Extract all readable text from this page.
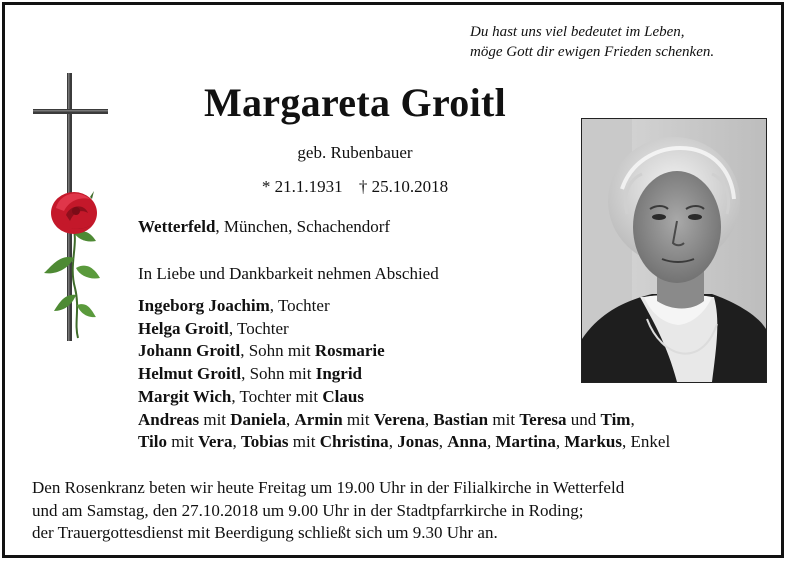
Du hast uns viel bedeutet im Leben,
möge Gott dir ewigen Frieden schenken.
Margareta Groitl
geb. Rubenbauer
* 21.1.1931 † 25.10.2018
Wetterfeld, München, Schachendorf
In Liebe und Dankbarkeit nehmen Abschied
Ingeborg Joachim, Tochter
Helga Groitl, Tochter
Johann Groitl, Sohn mit Rosmarie
Helmut Groitl, Sohn mit Ingrid
Margit Wich, Tochter mit Claus
Andreas mit Daniela, Armin mit Verena, Bastian mit Teresa und Tim,
Tilo mit Vera, Tobias mit Christina, Jonas, Anna, Martina, Markus, Enkel
Den Rosenkranz beten wir heute Freitag um 19.00 Uhr in der Filialkirche in Wetterfeld
und am Samstag, den 27.10.2018 um 9.00 Uhr in der Stadtpfarrkirche in Roding;
der Trauergottesdienst mit Beerdigung schließt sich um 9.30 Uhr an.
